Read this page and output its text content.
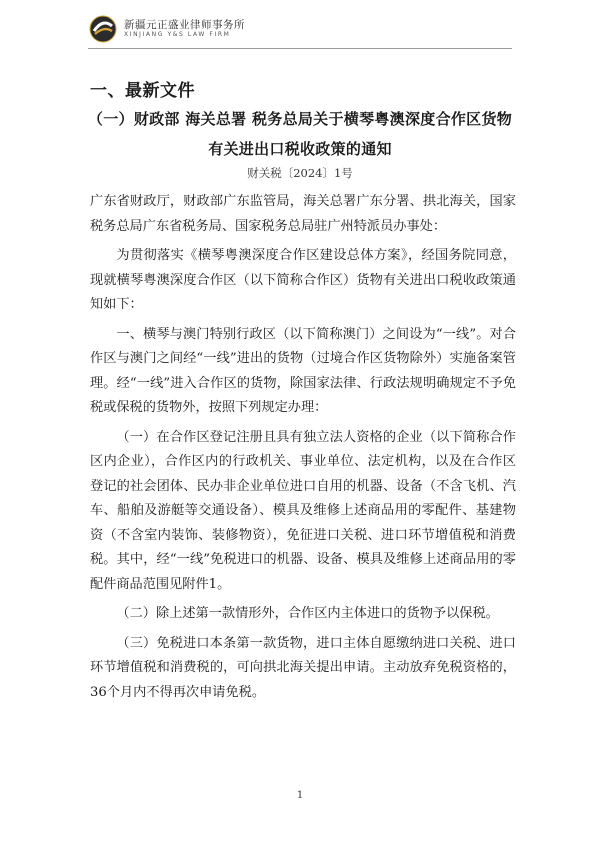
新疆元正盛业律师事务所
XINJIANG Y&S LAW FIRM
一、最新文件
（一）财政部 海关总署 税务总局关于横琴粤澳深度合作区货物有关进出口税收政策的通知
财关税〔2024〕1号

广东省财政厅，财政部广东监管局，海关总署广东分署、拱北海关，国家税务总局广东省税务局、国家税务总局驻广州特派员办事处：

为贯彻落实《横琴粤澳深度合作区建设总体方案》，经国务院同意，现就横琴粤澳深度合作区（以下简称合作区）货物有关进出口税收政策通知如下：

一、横琴与澳门特别行政区（以下简称澳门）之间设为“一线”。对合作区与澳门之间经“一线”进出的货物（过境合作区货物除外）实施备案管理。经“一线”进入合作区的货物，除国家法律、行政法规明确规定不予免税或保税的货物外，按照下列规定办理：

（一）在合作区登记注册且具有独立法人资格的企业（以下简称合作区内企业），合作区内的行政机关、事业单位、法定机构，以及在合作区登记的社会团体、民办非企业单位进口自用的机器、设备（不含飞机、汽车、船舶及游艇等交通设备）、模具及维修上述商品用的零配件、基建物资（不含室内装饰、装修物资），免征进口关税、进口环节增值税和消费税。其中，经“一线”免税进口的机器、设备、模具及维修上述商品用的零配件商品范围见附件1。

（二）除上述第一款情形外，合作区内主体进口的货物予以保税。

（三）免税进口本条第一款货物，进口主体自愿缴纳进口关税、进口环节增值税和消费税的，可向拱北海关提出申请。主动放弃免税资格的，36个月内不得再次申请免税。

1
